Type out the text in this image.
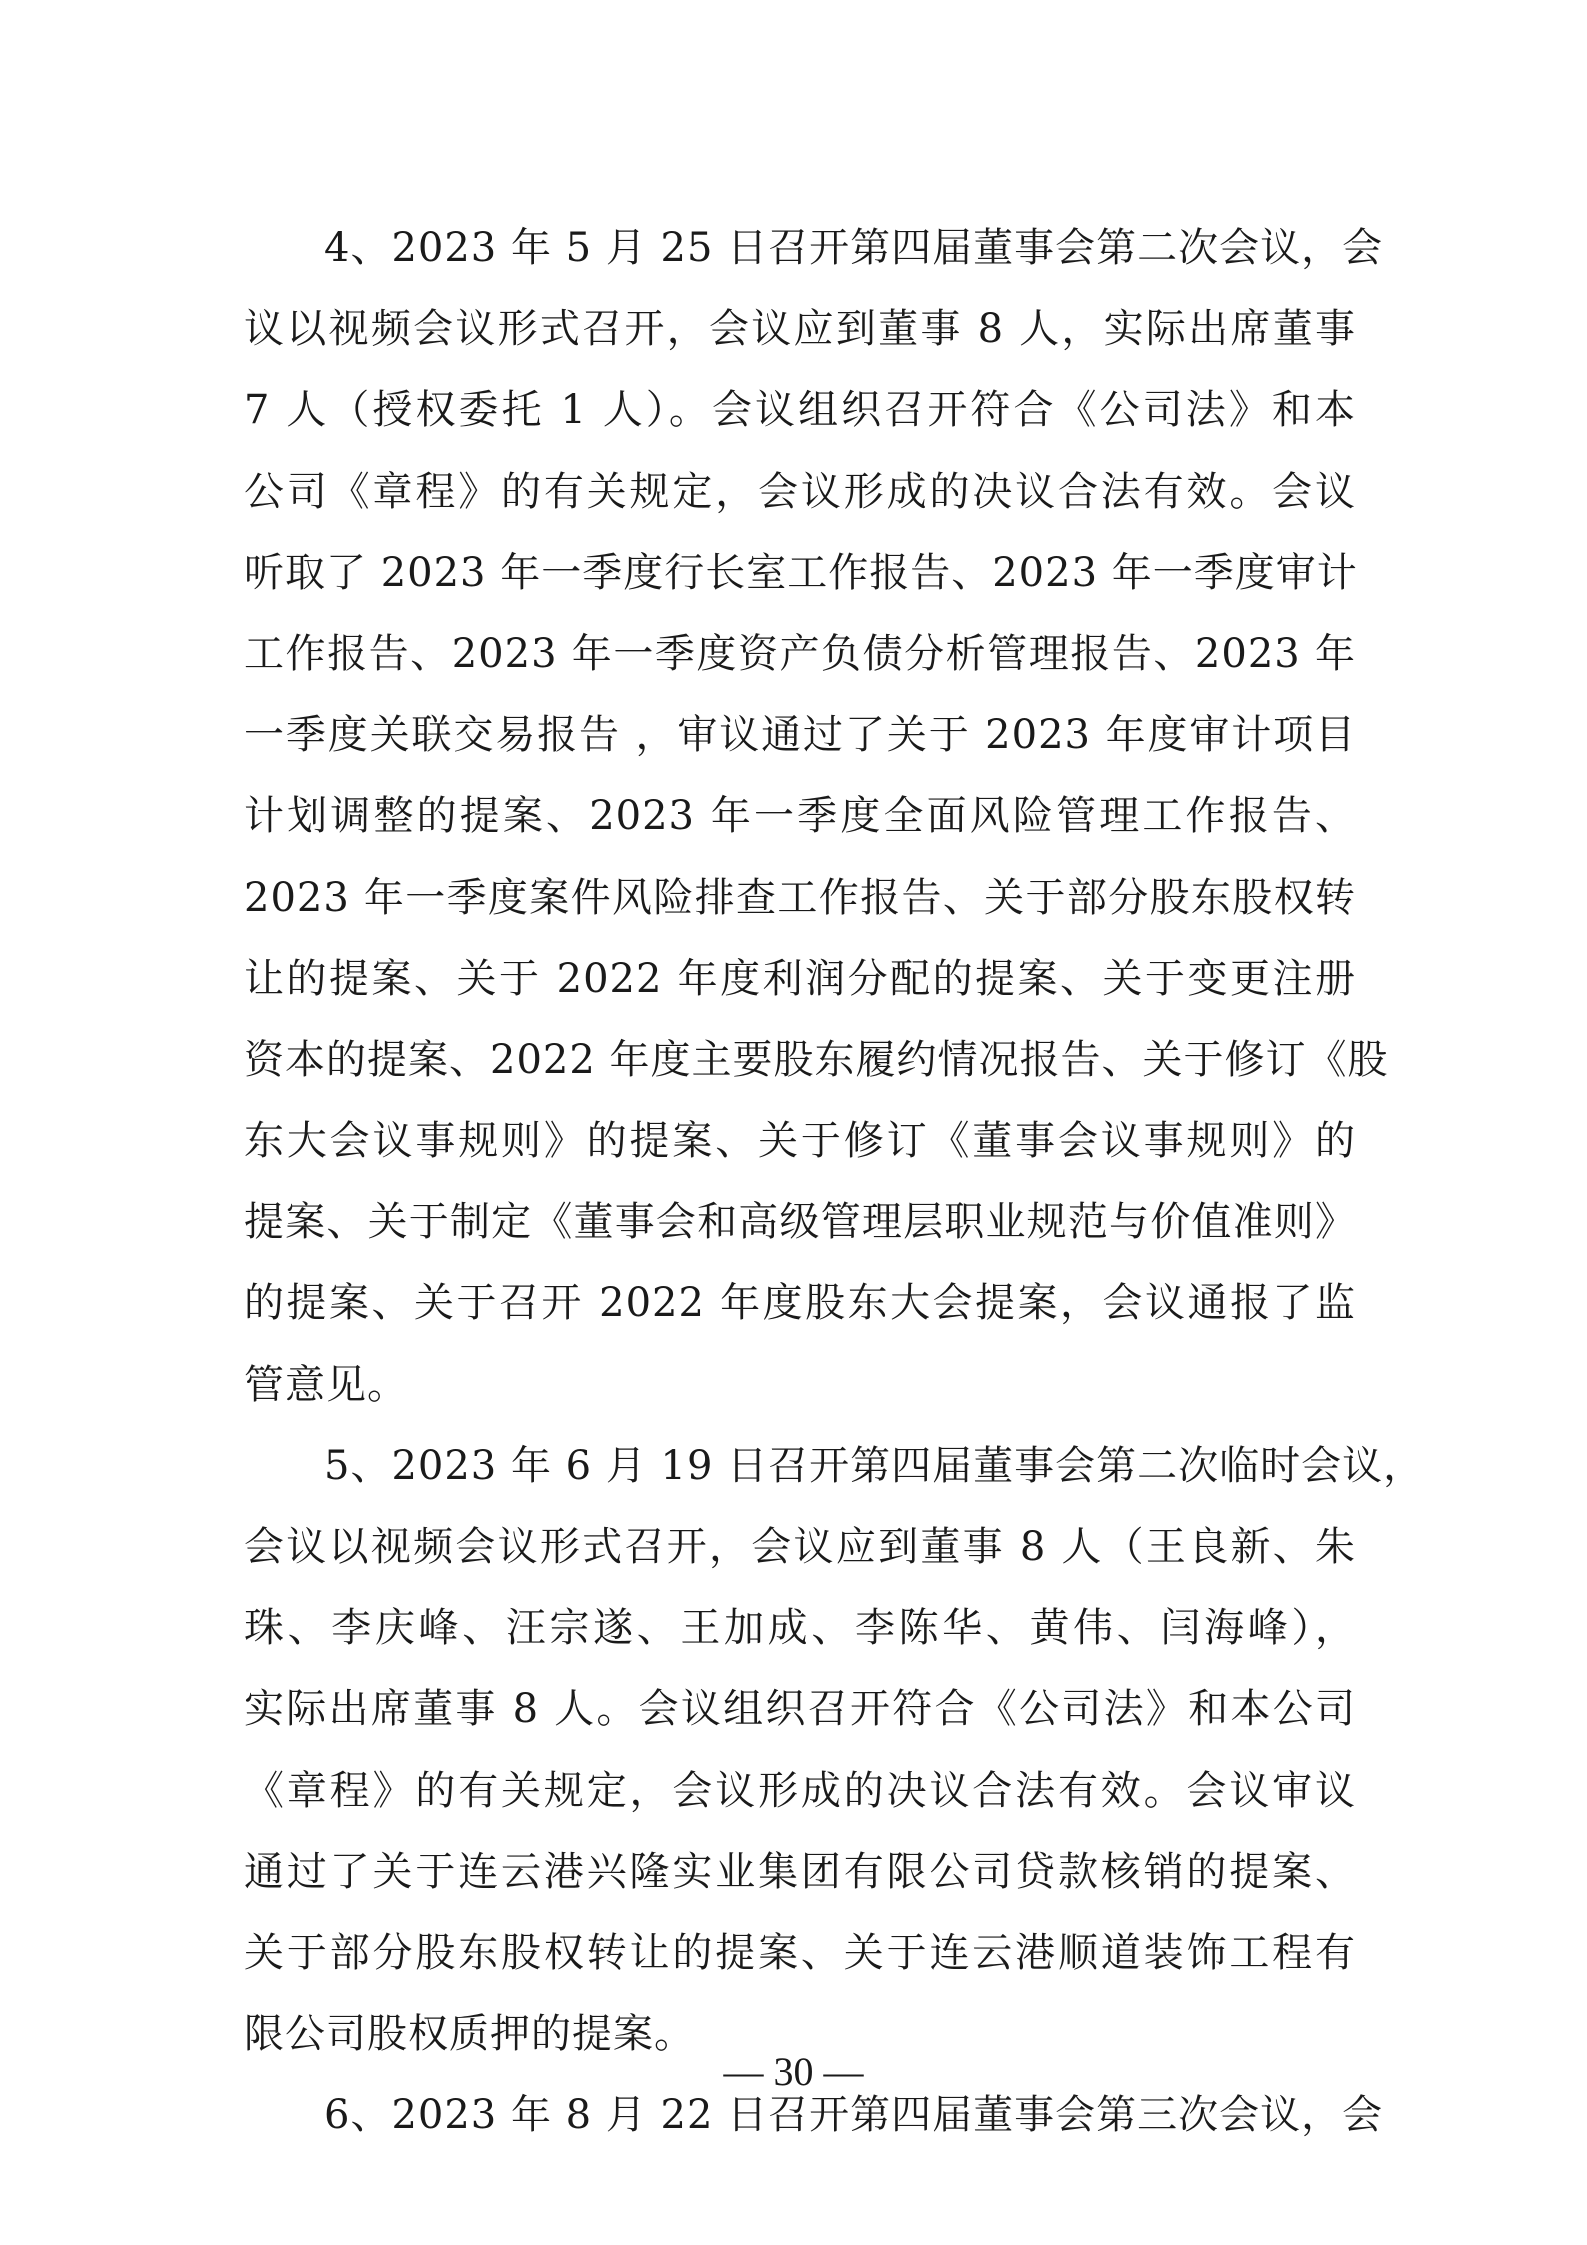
4、2023 年 5 月 25 日召开第四届董事会第二次会议，会
议以视频会议形式召开，会议应到董事 8 人，实际出席董事
7 人（授权委托 1 人）。会议组织召开符合《公司法》和本
公司《章程》的有关规定，会议形成的决议合法有效。会议
听取了 2023 年一季度行长室工作报告、2023 年一季度审计
工作报告、2023 年一季度资产负债分析管理报告、2023 年
一季度关联交易报告 ，审议通过了关于 2023 年度审计项目
计划调整的提案、2023 年一季度全面风险管理工作报告、
2023 年一季度案件风险排查工作报告、关于部分股东股权转
让的提案、关于 2022 年度利润分配的提案、关于变更注册
资本的提案、2022 年度主要股东履约情况报告、关于修订《股
东大会议事规则》的提案、关于修订《董事会议事规则》的
提案、关于制定《董事会和高级管理层职业规范与价值准则》
的提案、关于召开 2022 年度股东大会提案，会议通报了监
管意见。
5、2023 年 6 月 19 日召开第四届董事会第二次临时会议，
会议以视频会议形式召开，会议应到董事 8 人（王良新、朱
珠、李庆峰、汪宗遂、王加成、李陈华、黄伟、闫海峰），
实际出席董事 8 人。会议组织召开符合《公司法》和本公司
《章程》的有关规定，会议形成的决议合法有效。会议审议
通过了关于连云港兴隆实业集团有限公司贷款核销的提案、
关于部分股东股权转让的提案、关于连云港顺道装饰工程有
限公司股权质押的提案。
6、2023 年 8 月 22 日召开第四届董事会第三次会议，会
— 30 —
